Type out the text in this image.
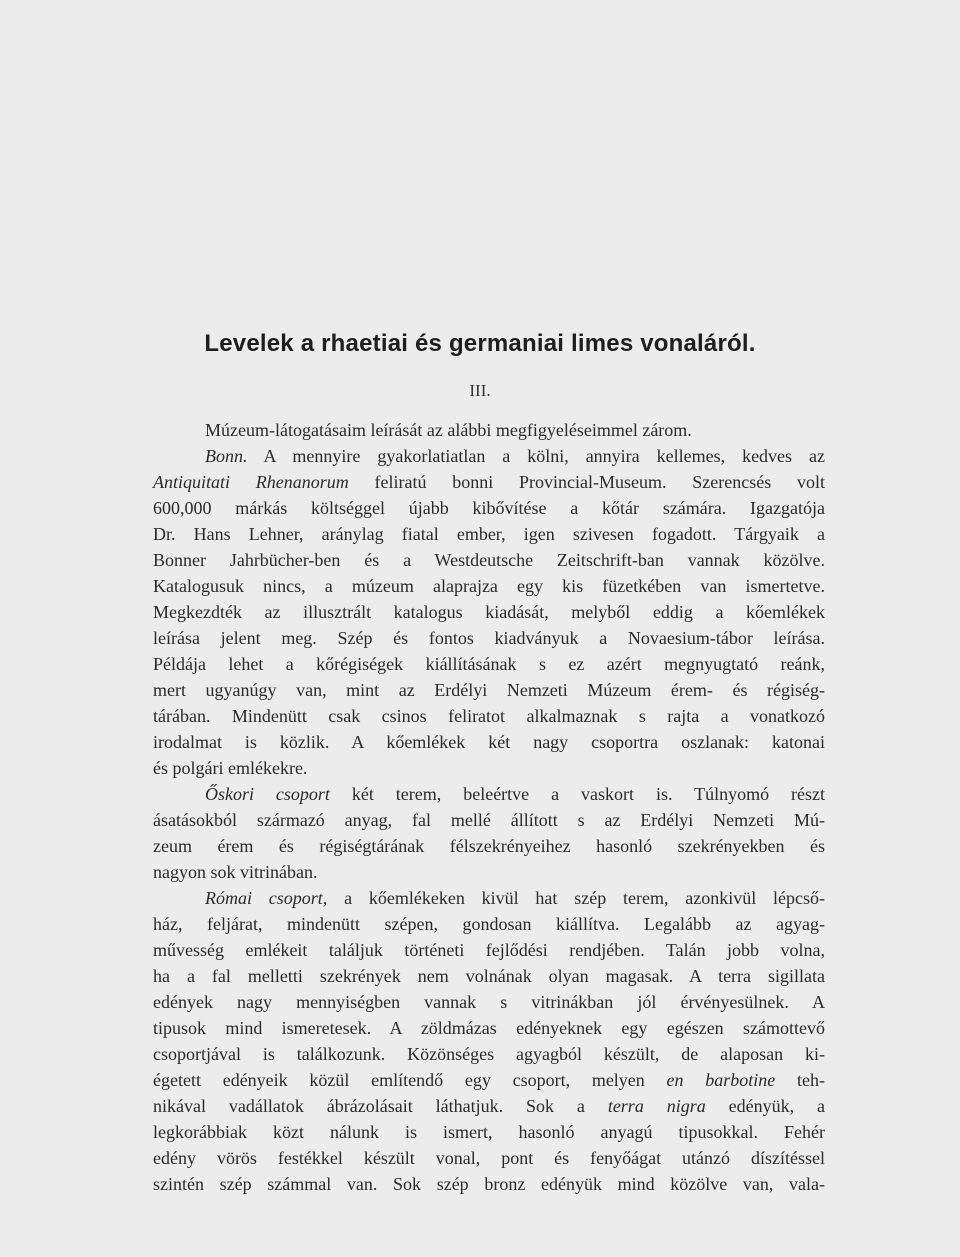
Levelek a rhaetiai és germaniai limes vonaláról.
III.
Múzeum-látogatásaim leírását az alábbi megfigyeléseimmel zárom.
Bonn. A mennyire gyakorlatiatlan a kölni, annyira kellemes, kedves az
Antiquitati Rhenanorum feliratú bonni Provincial-Museum. Szerencsés volt
600,000 márkás költséggel újabb kibővítése a kőtár számára. Igazgatója
Dr. Hans Lehner, aránylag fiatal ember, igen szivesen fogadott. Tárgyaik a
Bonner Jahrbücher-ben és a Westdeutsche Zeitschrift-ban vannak közölve.
Katalogusuk nincs, a múzeum alaprajza egy kis füzetkében van ismertetve.
Megkezdték az illusztrált katalogus kiadását, melyből eddig a kőemlékek
leírása jelent meg. Szép és fontos kiadványuk a Novaesium-tábor leírása.
Példája lehet a kőrégiségek kiállításának s ez azért megnyugtató reánk,
mert ugyanúgy van, mint az Erdélyi Nemzeti Múzeum érem- és régiség-
tárában. Mindenütt csak csinos feliratot alkalmaznak s rajta a vonatkozó
irodalmat is közlik. A kőemlékek két nagy csoportra oszlanak: katonai
és polgári emlékekre.
Őskori csoport két terem, beleértve a vaskort is. Túlnyomó részt
ásatásokból származó anyag, fal mellé állított s az Erdélyi Nemzeti Mú-
zeum érem és régiségtárának félszekrényeihez hasonló szekrényekben és
nagyon sok vitrinában.
Római csoport, a kőemlékeken kivül hat szép terem, azonkivül lépcső-
ház, feljárat, mindenütt szépen, gondosan kiállítva. Legalább az agyag-
művesség emlékeit találjuk történeti fejlődési rendjében. Talán jobb volna,
ha a fal melletti szekrények nem volnának olyan magasak. A terra sigillata
edények nagy mennyiségben vannak s vitrinákban jól érvényesülnek. A
tipusok mind ismeretesek. A zöldmázas edényeknek egy egészen számottevő
csoportjával is találkozunk. Közönséges agyagból készült, de alaposan ki-
égetett edényeik közül említendő egy csoport, melyen en barbotine teh-
nikával vadállatok ábrázolásait láthatjuk. Sok a terra nigra edényük, a
legkorábbiak közt nálunk is ismert, hasonló anyagú tipusokkal. Fehér
edény vörös festékkel készült vonal, pont és fenyőágat utánzó díszítéssel
szintén szép számmal van. Sok szép bronz edényük mind közölve van, vala-
